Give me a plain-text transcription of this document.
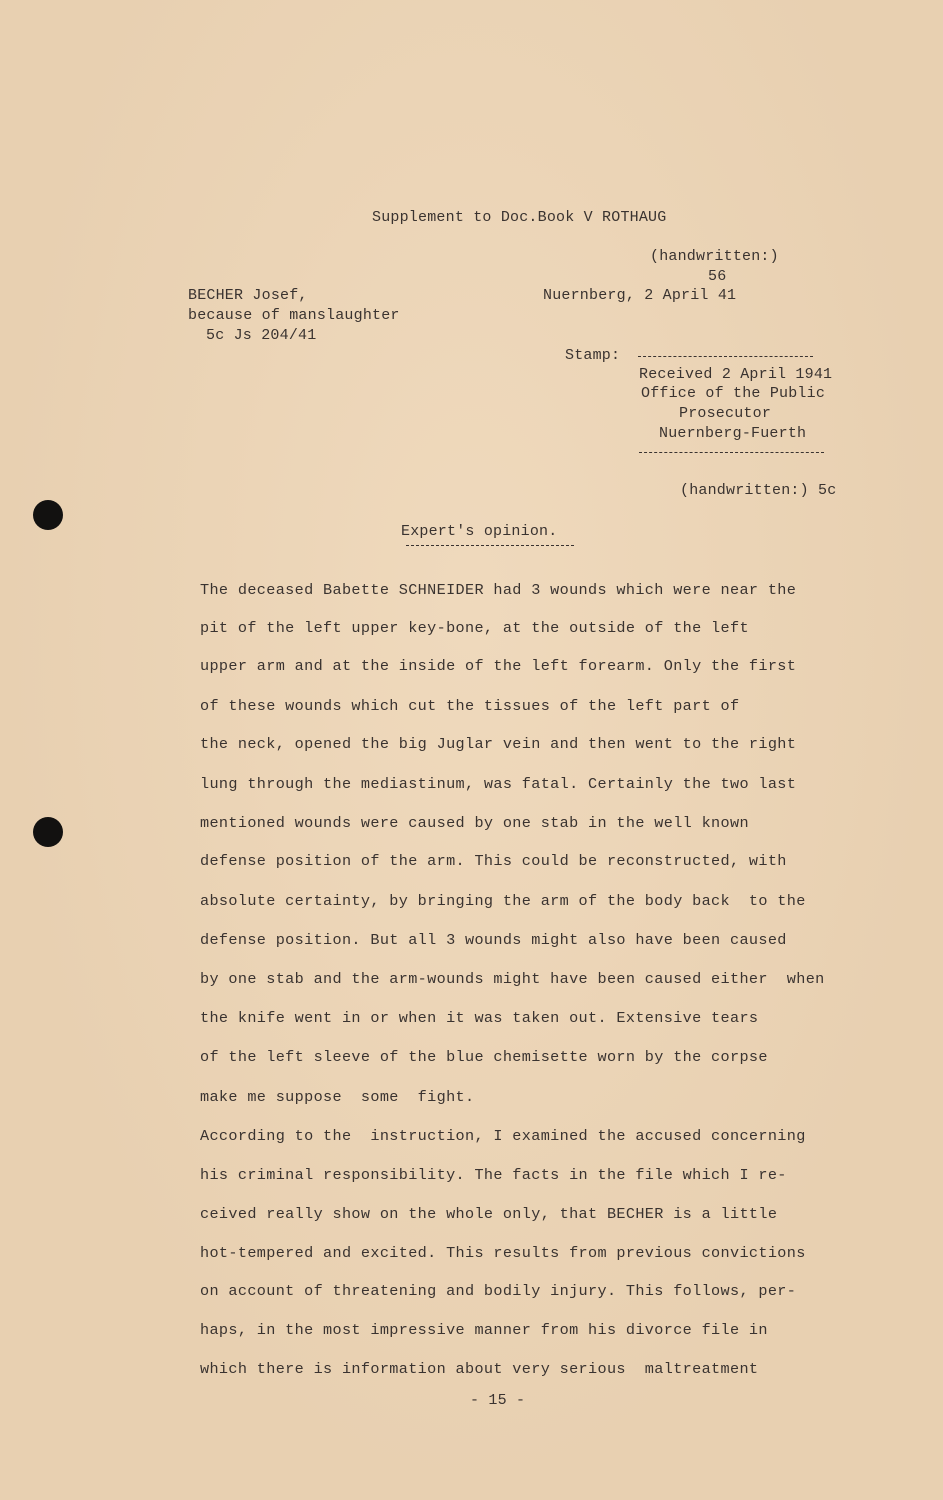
Supplement to Doc.Book V ROTHAUG
(handwritten:)
56
BECHER Josef,
because of manslaughter
5c Js 204/41
Nuernberg, 2 April 41
Stamp:
Received 2 April 1941
Office of the Public
Prosecutor
Nuernberg-Fuerth
(handwritten:) 5c
Expert's opinion.
The deceased Babette SCHNEIDER had 3 wounds which were near the
pit of the left upper key-bone, at the outside of the left
upper arm and at the inside of the left forearm. Only the first
of these wounds which cut the tissues of the left part of
the neck, opened the big Juglar vein and then went to the right
lung through the mediastinum, was fatal. Certainly the two last
mentioned wounds were caused by one stab in the well known
defense position of the arm. This could be reconstructed, with
absolute certainty, by bringing the arm of the body back  to the
defense position. But all 3 wounds might also have been caused
by one stab and the arm-wounds might have been caused either  when
the knife went in or when it was taken out. Extensive tears
of the left sleeve of the blue chemisette worn by the corpse
make me suppose  some  fight.
According to the  instruction, I examined the accused concerning
his criminal responsibility. The facts in the file which I re-
ceived really show on the whole only, that BECHER is a little
hot-tempered and excited. This results from previous convictions
on account of threatening and bodily injury. This follows, per-
haps, in the most impressive manner from his divorce file in
which there is information about very serious  maltreatment
- 15 -
